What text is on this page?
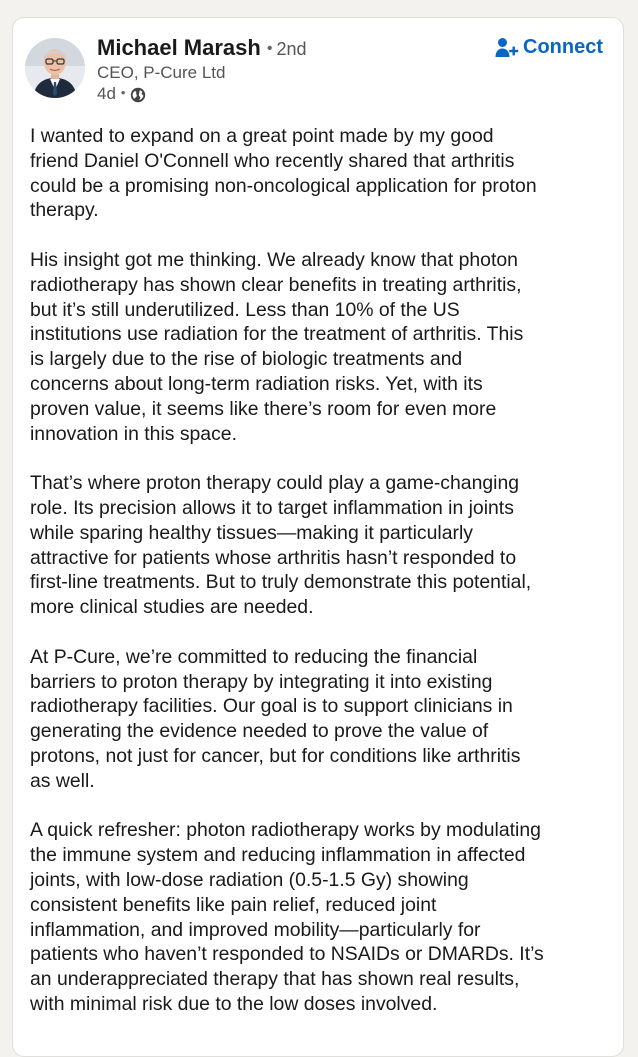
Michael Marash • 2nd
CEO, P-Cure Ltd
4d •
Connect

I wanted to expand on a great point made by my good
friend Daniel O'Connell who recently shared that arthritis
could be a promising non-oncological application for proton
therapy.

His insight got me thinking. We already know that photon
radiotherapy has shown clear benefits in treating arthritis,
but it’s still underutilized. Less than 10% of the US
institutions use radiation for the treatment of arthritis. This
is largely due to the rise of biologic treatments and
concerns about long-term radiation risks. Yet, with its
proven value, it seems like there’s room for even more
innovation in this space.

That’s where proton therapy could play a game-changing
role. Its precision allows it to target inflammation in joints
while sparing healthy tissues—making it particularly
attractive for patients whose arthritis hasn’t responded to
first-line treatments. But to truly demonstrate this potential,
more clinical studies are needed.

At P-Cure, we’re committed to reducing the financial
barriers to proton therapy by integrating it into existing
radiotherapy facilities. Our goal is to support clinicians in
generating the evidence needed to prove the value of
protons, not just for cancer, but for conditions like arthritis
as well.

A quick refresher: photon radiotherapy works by modulating
the immune system and reducing inflammation in affected
joints, with low-dose radiation (0.5-1.5 Gy) showing
consistent benefits like pain relief, reduced joint
inflammation, and improved mobility—particularly for
patients who haven’t responded to NSAIDs or DMARDs. It’s
an underappreciated therapy that has shown real results,
with minimal risk due to the low doses involved.
